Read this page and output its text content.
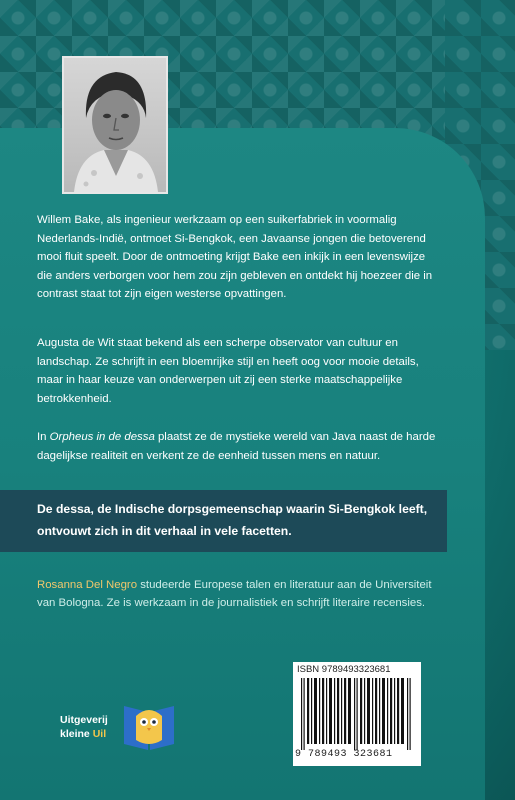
Willem Bake, als ingenieur werkzaam op een suikerfabriek in voormalig Nederlands-Indië, ontmoet Si-Bengkok, een Javaanse jongen die betoverend mooi fluit speelt. Door de ontmoeting krijgt Bake een inkijk in een levenswijze die anders verborgen voor hem zou zijn gebleven en ontdekt hij hoezeer die in contrast staat tot zijn eigen westerse opvattingen.
Augusta de Wit staat bekend als een scherpe observator van cultuur en landschap. Ze schrijft in een bloemrijke stijl en heeft oog voor mooie details, maar in haar keuze van onderwerpen uit zij een sterke maatschappelijke betrokkenheid.
In Orpheus in de dessa plaatst ze de mystieke wereld van Java naast de harde dagelijkse realiteit en verkent ze de eenheid tussen mens en natuur.
De dessa, de Indische dorpsgemeenschap waarin Si-Bengkok leeft, ontvouwt zich in dit verhaal in vele facetten.
Rosanna Del Negro studeerde Europese talen en literatuur aan de Universiteit van Bologna. Ze is werkzaam in de journalistiek en schrijft literaire recensies.
Uitgeverij
kleine Uil
ISBN 9789493323681
9 789493 323681
